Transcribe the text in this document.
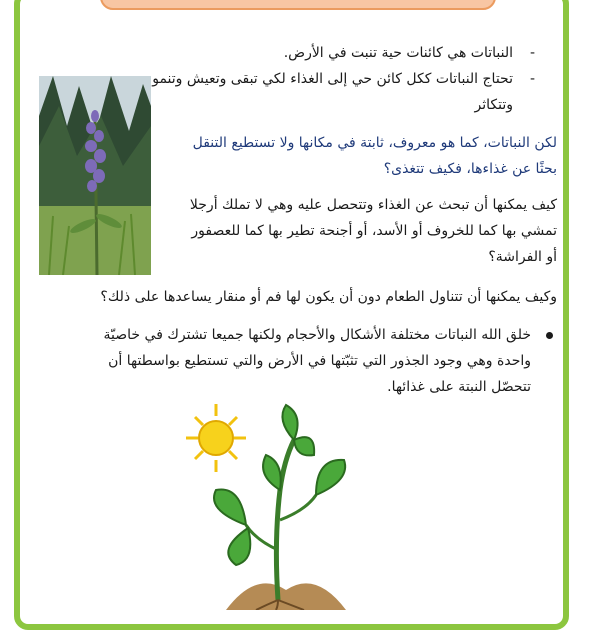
-
النباتات هي كائنات حية تنبت في الأرض.
-
تحتاج النباتات ككل كائن حي إلى الغذاء لكي تبقى وتعيش وتنمو وتتكاثر
لكن النباتات، كما هو معروف، ثابتة في مكانها ولا تستطيع التنقل بحثًا عن غذاءها، فكيف تتغذى؟
كيف يمكنها أن تبحث عن الغذاء وتتحصل عليه وهي لا تملك أرجلا تمشي بها كما للخروف أو الأسد، أو أجنحة تطير بها كما للعصفور أو الفراشة؟
وكيف يمكنها أن تتناول الطعام دون أن يكون لها فم أو منقار يساعدها على ذلك؟
خلق الله النباتات مختلفة الأشكال والأحجام ولكنها جميعا تشترك في خاصيّة واحدة وهي وجود الجذور التي تثبّتها في الأرض والتي تستطيع بواسطتها أن تتحصّل النبتة على غذائها.
